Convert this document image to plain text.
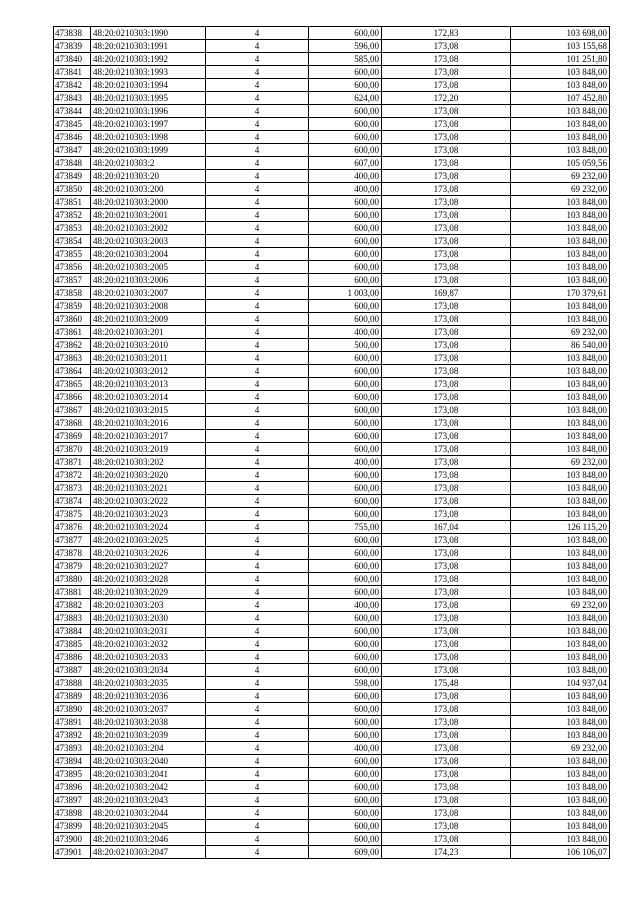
473838	48:20:0210303:1990	4	600,00	172,83	103 698,00
473839	48:20:0210303:1991	4	596,00	173,08	103 155,68
473840	48:20:0210303:1992	4	585,00	173,08	101 251,80
473841	48:20:0210303:1993	4	600,00	173,08	103 848,00
473842	48:20:0210303:1994	4	600,00	173,08	103 848,00
473843	48:20:0210303:1995	4	624,00	172,20	107 452,80
473844	48:20:0210303:1996	4	600,00	173,08	103 848,00
473845	48:20:0210303:1997	4	600,00	173,08	103 848,00
473846	48:20:0210303:1998	4	600,00	173,08	103 848,00
473847	48:20:0210303:1999	4	600,00	173,08	103 848,00
473848	48:20:0210303:2	4	607,00	173,08	105 059,56
473849	48:20:0210303:20	4	400,00	173,08	69 232,00
473850	48:20:0210303:200	4	400,00	173,08	69 232,00
473851	48:20:0210303:2000	4	600,00	173,08	103 848,00
473852	48:20:0210303:2001	4	600,00	173,08	103 848,00
473853	48:20:0210303:2002	4	600,00	173,08	103 848,00
473854	48:20:0210303:2003	4	600,00	173,08	103 848,00
473855	48:20:0210303:2004	4	600,00	173,08	103 848,00
473856	48:20:0210303:2005	4	600,00	173,08	103 848,00
473857	48:20:0210303:2006	4	600,00	173,08	103 848,00
473858	48:20:0210303:2007	4	1 003,00	169,87	170 379,61
473859	48:20:0210303:2008	4	600,00	173,08	103 848,00
473860	48:20:0210303:2009	4	600,00	173,08	103 848,00
473861	48:20:0210303:201	4	400,00	173,08	69 232,00
473862	48:20:0210303:2010	4	500,00	173,08	86 540,00
473863	48:20:0210303:2011	4	600,00	173,08	103 848,00
473864	48:20:0210303:2012	4	600,00	173,08	103 848,00
473865	48:20:0210303:2013	4	600,00	173,08	103 848,00
473866	48:20:0210303:2014	4	600,00	173,08	103 848,00
473867	48:20:0210303:2015	4	600,00	173,08	103 848,00
473868	48:20:0210303:2016	4	600,00	173,08	103 848,00
473869	48:20:0210303:2017	4	600,00	173,08	103 848,00
473870	48:20:0210303:2019	4	600,00	173,08	103 848,00
473871	48:20:0210303:202	4	400,00	173,08	69 232,00
473872	48:20:0210303:2020	4	600,00	173,08	103 848,00
473873	48:20:0210303:2021	4	600,00	173,08	103 848,00
473874	48:20:0210303:2022	4	600,00	173,08	103 848,00
473875	48:20:0210303:2023	4	600,00	173,08	103 848,00
473876	48:20:0210303:2024	4	755,00	167,04	126 115,20
473877	48:20:0210303:2025	4	600,00	173,08	103 848,00
473878	48:20:0210303:2026	4	600,00	173,08	103 848,00
473879	48:20:0210303:2027	4	600,00	173,08	103 848,00
473880	48:20:0210303:2028	4	600,00	173,08	103 848,00
473881	48:20:0210303:2029	4	600,00	173,08	103 848,00
473882	48:20:0210303:203	4	400,00	173,08	69 232,00
473883	48:20:0210303:2030	4	600,00	173,08	103 848,00
473884	48:20:0210303:2031	4	600,00	173,08	103 848,00
473885	48:20:0210303:2032	4	600,00	173,08	103 848,00
473886	48:20:0210303:2033	4	600,00	173,08	103 848,00
473887	48:20:0210303:2034	4	600,00	173,08	103 848,00
473888	48:20:0210303:2035	4	598,00	175,48	104 937,04
473889	48:20:0210303:2036	4	600,00	173,08	103 848,00
473890	48:20:0210303:2037	4	600,00	173,08	103 848,00
473891	48:20:0210303:2038	4	600,00	173,08	103 848,00
473892	48:20:0210303:2039	4	600,00	173,08	103 848,00
473893	48:20:0210303:204	4	400,00	173,08	69 232,00
473894	48:20:0210303:2040	4	600,00	173,08	103 848,00
473895	48:20:0210303:2041	4	600,00	173,08	103 848,00
473896	48:20:0210303:2042	4	600,00	173,08	103 848,00
473897	48:20:0210303:2043	4	600,00	173,08	103 848,00
473898	48:20:0210303:2044	4	600,00	173,08	103 848,00
473899	48:20:0210303:2045	4	600,00	173,08	103 848,00
473900	48:20:0210303:2046	4	600,00	173,08	103 848,00
473901	48:20:0210303:2047	4	609,00	174,23	106 106,07
